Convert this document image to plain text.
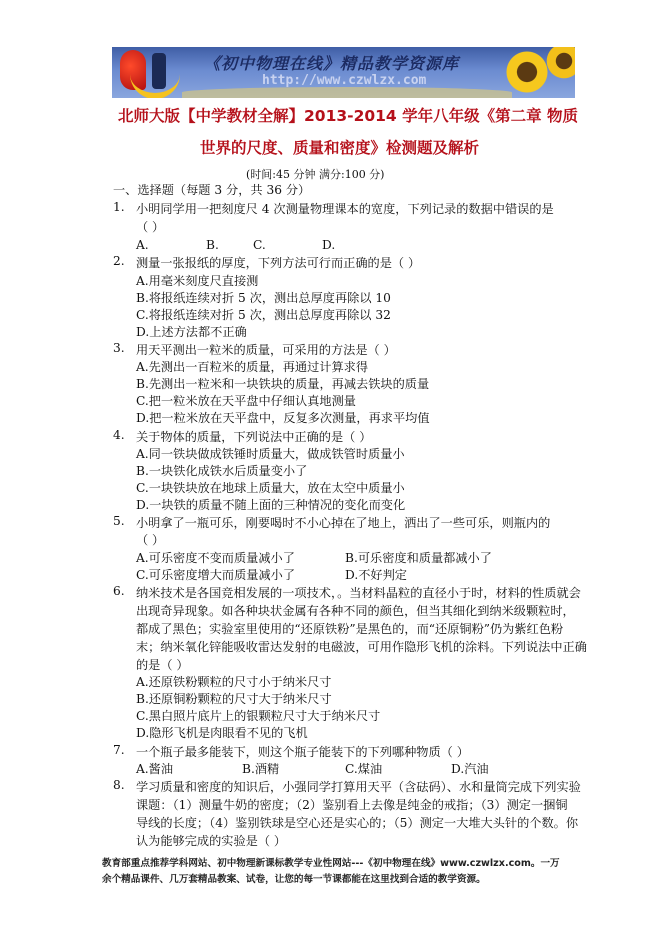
《初中物理在线》精品教学资源库
http://www.czwlzx.com
北师大版【中学教材全解】2013-2014 学年八年级《第二章 物质
世界的尺度、质量和密度》检测题及解析
(时间:45 分钟 满分:100 分)
一、选择题（每题 3 分，共 36 分）
1. 小明同学用一把刻度尺 4 次测量物理课本的宽度，下列记录的数据中错误的是
（ ）
A.	B.	C.	D.
2. 测量一张报纸的厚度，下列方法可行而正确的是（ ）
A.用毫米刻度尺直接测
B.将报纸连续对折 5 次，测出总厚度再除以 10
C.将报纸连续对折 5 次，测出总厚度再除以 32
D.上述方法都不正确
3. 用天平测出一粒米的质量，可采用的方法是（ ）
A.先测出一百粒米的质量，再通过计算求得
B.先测出一粒米和一块铁块的质量，再减去铁块的质量
C.把一粒米放在天平盘中仔细认真地测量
D.把一粒米放在天平盘中，反复多次测量，再求平均值
4. 关于物体的质量，下列说法中正确的是（ ）
A.同一铁块做成铁锤时质量大，做成铁管时质量小
B.一块铁化成铁水后质量变小了
C.一块铁块放在地球上质量大，放在太空中质量小
D.一块铁的质量不随上面的三种情况的变化而变化
5. 小明拿了一瓶可乐，刚要喝时不小心掉在了地上，洒出了一些可乐，则瓶内的
（ ）
A.可乐密度不变而质量减小了	B.可乐密度和质量都减小了
C.可乐密度增大而质量减小了	D.不好判定
6. 纳米技术是各国竞相发展的一项技术，。当材料晶粒的直径小于时，材料的性质就会
出现奇异现象。如各种块状金属有各种不同的颜色，但当其细化到纳米级颗粒时，
都成了黑色；实验室里使用的“还原铁粉”是黑色的，而“还原铜粉”仍为紫红色粉
末；纳米氧化锌能吸收雷达发射的电磁波，可用作隐形飞机的涂料。下列说法中正确
的是（ ）
A.还原铁粉颗粒的尺寸小于纳米尺寸
B.还原铜粉颗粒的尺寸大于纳米尺寸
C.黑白照片底片上的银颗粒尺寸大于纳米尺寸
D.隐形飞机是肉眼看不见的飞机
7. 一个瓶子最多能装下，则这个瓶子能装下的下列哪种物质（ ）
A.酱油	B.酒精	C.煤油	D.汽油
8. 学习质量和密度的知识后，小强同学打算用天平（含砝码）、水和量筒完成下列实验
课题：（1）测量牛奶的密度；（2）鉴别看上去像是纯金的戒指；（3）测定一捆铜
导线的长度；（4）鉴别铁球是空心还是实心的；（5）测定一大堆大头针的个数。你
认为能够完成的实验是（ ）
教育部重点推荐学科网站、初中物理新课标教学专业性网站---《初中物理在线》www.czwlzx.com。一万
余个精品课件、几万套精品教案、试卷，让您的每一节课都能在这里找到合适的教学资源。
